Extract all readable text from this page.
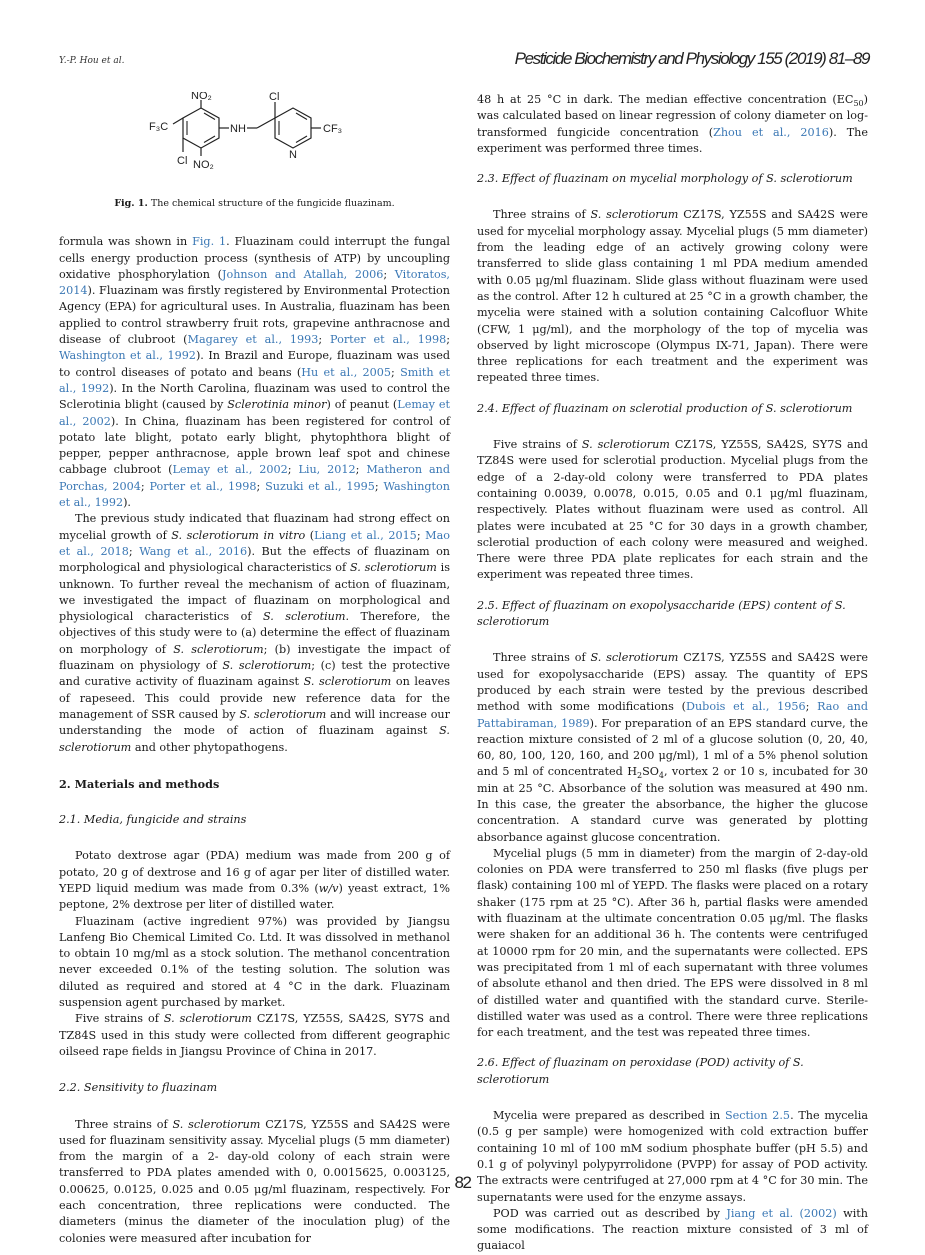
Y.-P. Hou et al.	Pesticide Biochemistry and Physiology 155 (2019) 81–89
NO₂	Cl
F₃C	NH	CF₃
Cl NO₂
N

Fig. 1. The chemical structure of the fungicide fluazinam.

formula was shown in Fig. 1. Fluazinam could interrupt the fungal cells energy production process (synthesis of ATP) by uncoupling oxidative phosphorylation (Johnson and Atallah, 2006; Vitoratos, 2014). Fluazinam was firstly registered by Environmental Protection Agency (EPA) for agricultural uses. In Australia, fluazinam has been applied to control strawberry fruit rots, grapevine anthracnose and disease of clubroot (Magarey et al., 1993; Porter et al., 1998; Washington et al., 1992). In Brazil and Europe, fluazinam was used to control diseases of potato and beans (Hu et al., 2005; Smith et al., 1992). In the North Carolina, fluazinam was used to control the Sclerotinia blight (caused by Sclerotinia minor) of peanut (Lemay et al., 2002). In China, fluazinam has been registered for control of potato late blight, potato early blight, phytophthora blight of pepper, pepper anthracnose, apple brown leaf spot and chinese cabbage clubroot (Lemay et al., 2002; Liu, 2012; Matheron and Porchas, 2004; Porter et al., 1998; Suzuki et al., 1995; Washington et al., 1992).

The previous study indicated that fluazinam had strong effect on mycelial growth of S. sclerotiorum in vitro (Liang et al., 2015; Mao et al., 2018; Wang et al., 2016). But the effects of fluazinam on morphological and physiological characteristics of S. sclerotiorum is unknown. To further reveal the mechanism of action of fluazinam, we investigated the impact of fluazinam on morphological and physiological characteristics of S. sclerotium. Therefore, the objectives of this study were to (a) determine the effect of fluazinam on morphology of S. sclerotiorum; (b) investigate the impact of fluazinam on physiology of S. sclerotiorum; (c) test the protective and curative activity of fluazinam against S. sclerotiorum on leaves of rapeseed. This could provide new reference data for the management of SSR caused by S. sclerotiorum and will increase our understanding the mode of action of fluazinam against S. sclerotiorum and other phytopathogens.

2. Materials and methods

2.1. Media, fungicide and strains

Potato dextrose agar (PDA) medium was made from 200 g of potato, 20 g of dextrose and 16 g of agar per liter of distilled water. YEPD liquid medium was made from 0.3% (w/v) yeast extract, 1% peptone, 2% dextrose per liter of distilled water.

Fluazinam (active ingredient 97%) was provided by Jiangsu Lanfeng Bio Chemical Limited Co. Ltd. It was dissolved in methanol to obtain 10 mg/ml as a stock solution. The methanol concentration never exceeded 0.1% of the testing solution. The solution was diluted as required and stored at 4 °C in the dark. Fluazinam suspension agent purchased by market.

Five strains of S. sclerotiorum CZ17S, YZ55S, SA42S, SY7S and TZ84S used in this study were collected from different geographic oilseed rape fields in Jiangsu Province of China in 2017.

2.2. Sensitivity to fluazinam

Three strains of S. sclerotiorum CZ17S, YZ55S and SA42S were used for fluazinam sensitivity assay. Mycelial plugs (5 mm diameter) from the margin of a 2- day-old colony of each strain were transferred to PDA plates amended with 0, 0.0015625, 0.003125, 0.00625, 0.0125, 0.025 and 0.05 μg/ml fluazinam, respectively. For each concentration, three replications were conducted. The diameters (minus the diameter of the inoculation plug) of the colonies were measured after incubation for

48 h at 25 °C in dark. The median effective concentration $(EC_{50})$ was calculated based on linear regression of colony diameter on log-transformed fungicide concentration (Zhou et al., 2016). The experiment was performed three times.

2.3. Effect of fluazinam on mycelial morphology of S. sclerotiorum

Three strains of S. sclerotiorum CZ17S, YZ55S and SA42S were used for mycelial morphology assay. Mycelial plugs (5 mm diameter) from the leading edge of an actively growing colony were transferred to slide glass containing 1 ml PDA medium amended with 0.05 μg/ml fluazinam. Slide glass without fluazinam were used as the control. After 12 h cultured at 25 °C in a growth chamber, the mycelia were stained with a solution containing Calcofluor White (CFW, 1 μg/ml), and the morphology of the top of mycelia was observed by light microscope (Olympus IX-71, Japan). There were three replications for each treatment and the experiment was repeated three times.

2.4. Effect of fluazinam on sclerotial production of S. sclerotiorum

Five strains of S. sclerotiorum CZ17S, YZ55S, SA42S, SY7S and TZ84S were used for sclerotial production. Mycelial plugs from the edge of a 2-day-old colony were transferred to PDA plates containing 0.0039, 0.0078, 0.015, 0.05 and 0.1 μg/ml fluazinam, respectively. Plates without fluazinam were used as control. All plates were incubated at 25 °C for 30 days in a growth chamber, sclerotial production of each colony were measured and weighed. There were three PDA plate replicates for each strain and the experiment was repeated three times.

2.5. Effect of fluazinam on exopolysaccharide (EPS) content of S. sclerotiorum

Three strains of S. sclerotiorum CZ17S, YZ55S and SA42S were used for exopolysaccharide (EPS) assay. The quantity of EPS produced by each strain were tested by the previous described method with some modifications (Dubois et al., 1956; Rao and Pattabiraman, 1989). For preparation of an EPS standard curve, the reaction mixture consisted of 2 ml of a glucose solution (0, 20, 40, 60, 80, 100, 120, 160, and 200 μg/ml), 1 ml of a 5% phenol solution and 5 ml of concentrated $H_2SO_4$, vortex 2 or 10 s, incubated for 30 min at 25 °C. Absorbance of the solution was measured at 490 nm. In this case, the greater the absorbance, the higher the glucose concentration. A standard curve was generated by plotting absorbance against glucose concentration.

Mycelial plugs (5 mm in diameter) from the margin of 2-day-old colonies on PDA were transferred to 250 ml flasks (five plugs per flask) containing 100 ml of YEPD. The flasks were placed on a rotary shaker (175 rpm at 25 °C). After 36 h, partial flasks were amended with fluazinam at the ultimate concentration 0.05 μg/ml. The flasks were shaken for an additional 36 h. The contents were centrifuged at 10000 rpm for 20 min, and the supernatants were collected. EPS was precipitated from 1 ml of each supernatant with three volumes of absolute ethanol and then dried. The EPS were dissolved in 8 ml of distilled water and quantified with the standard curve. Sterile-distilled water was used as a control. There were three replications for each treatment, and the test was repeated three times.

2.6. Effect of fluazinam on peroxidase (POD) activity of S. sclerotiorum

Mycelia were prepared as described in Section 2.5. The mycelia (0.5 g per sample) were homogenized with cold extraction buffer containing 10 ml of 100 mM sodium phosphate buffer (pH 5.5) and 0.1 g of polyvinyl polypyrrolidone (PVPP) for assay of POD activity. The extracts were centrifuged at 27,000 rpm at 4 °C for 30 min. The supernatants were used for the enzyme assays.

POD was carried out as described by Jiang et al. (2002) with some modifications. The reaction mixture consisted of 3 ml of guaiacol

82
